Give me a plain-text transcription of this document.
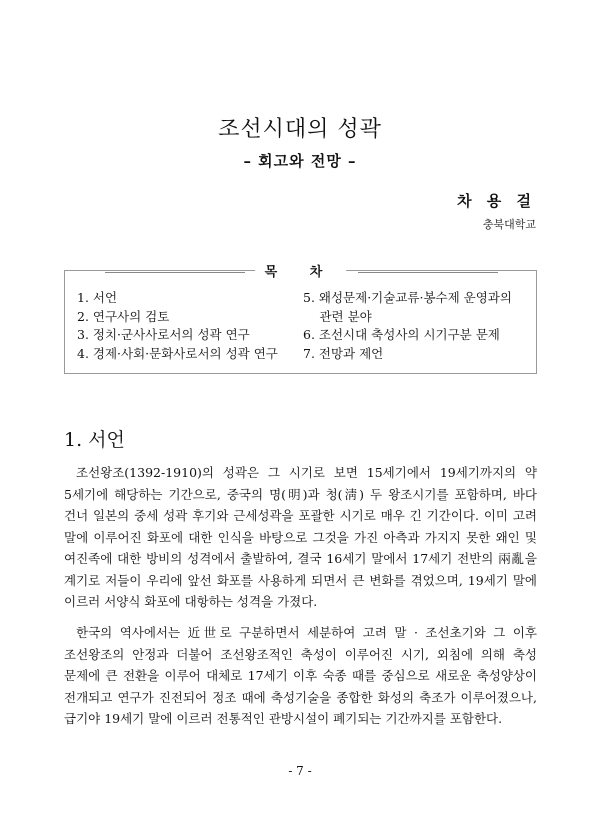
조선시대의 성곽
– 회고와 전망 –
차 용 걸
충북대학교
목 차
1. 서언
2. 연구사의 검토
3. 정치·군사사로서의 성곽 연구
4. 경제·사회·문화사로서의 성곽 연구
5. 왜성문제·기술교류·봉수제 운영과의
　 관련 분야
6. 조선시대 축성사의 시기구분 문제
7. 전망과 제언
1. 서언

조선왕조(1392-1910)의 성곽은 그 시기로 보면 15세기에서 19세기까지의 약 5세기에 해당하는 기간으로, 중국의 명(明)과 청(淸) 두 왕조시기를 포함하며, 바다 건너 일본의 중세 성곽 후기와 근세성곽을 포괄한 시기로 매우 긴 기간이다. 이미 고려 말에 이루어진 화포에 대한 인식을 바탕으로 그것을 가진 아측과 가지지 못한 왜인 및 여진족에 대한 방비의 성격에서 출발하여, 결국 16세기 말에서 17세기 전반의 兩亂을 계기로 저들이 우리에 앞선 화포를 사용하게 되면서 큰 변화를 겪었으며, 19세기 말에 이르러 서양식 화포에 대항하는 성격을 가졌다.

한국의 역사에서는 近世로 구분하면서 세분하여 고려 말 · 조선초기와 그 이후 조선왕조의 안정과 더불어 조선왕조적인 축성이 이루어진 시기, 외침에 의해 축성 문제에 큰 전환을 이루어 대체로 17세기 이후 숙종 때를 중심으로 새로운 축성양상이 전개되고 연구가 진전되어 정조 때에 축성기술을 종합한 화성의 축조가 이루어졌으나, 급기야 19세기 말에 이르러 전통적인 관방시설이 폐기되는 기간까지를 포함한다.

- 7 -
